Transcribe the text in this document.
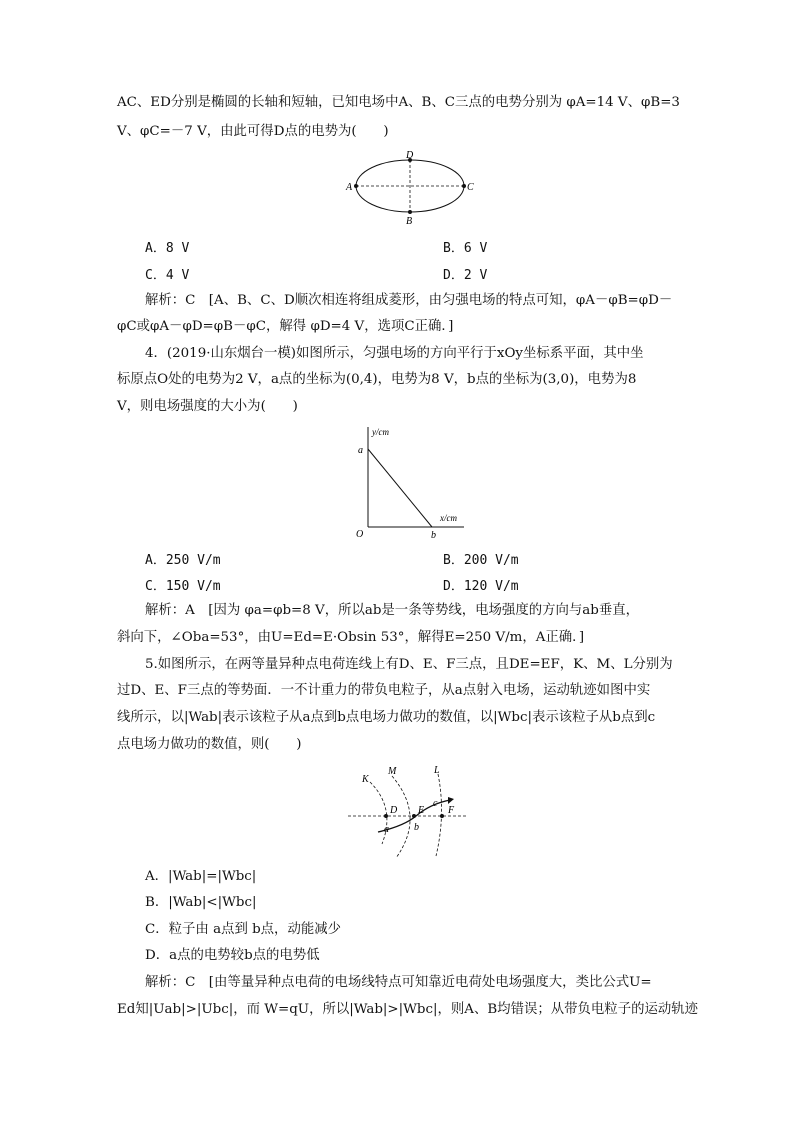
AC、ED分别是椭圆的长轴和短轴，已知电场中A、B、C三点的电势分别为 φA=14 V、φB=3
V、φC=－7 V，由此可得D点的电势为(　　)
A	C
D
B
A．8 V	B．6 V
C．4 V	D．2 V
解析：C　[A、B、C、D顺次相连将组成菱形，由匀强电场的特点可知，φA－φB=φD－
φC或φA－φD=φB－φC，解得 φD=4 V，选项C正确．]
4．(2019·山东烟台一模)如图所示，匀强电场的方向平行于xOy坐标系平面，其中坐
标原点O处的电势为2 V，a点的坐标为(0,4)，电势为8 V，b点的坐标为(3,0)，电势为8
V，则电场强度的大小为(　　)
y/cm
x/cm
a
O	b
A．250 V/m	B．200 V/m
C．150 V/m	D．120 V/m
解析：A　[因为 φa=φb=8 V，所以ab是一条等势线，电场强度的方向与ab垂直，
斜向下，∠Oba=53°，由U=Ed=E·Obsin 53°，解得E=250 V/m，A正确．]
5.如图所示，在两等量异种点电荷连线上有D、E、F三点，且DE=EF，K、M、L分别为
过D、E、F三点的等势面．一不计重力的带负电粒子，从a点射入电场，运动轨迹如图中实
线所示，以|Wab|表示该粒子从a点到b点电场力做功的数值，以|Wbc|表示该粒子从b点到c
点电场力做功的数值，则(　　)
K
M	L
D E F
a	b
c
A．|Wab|=|Wbc|
B．|Wab|<|Wbc|
C．粒子由 a点到 b点，动能减少
D．a点的电势较b点的电势低
解析：C　[由等量异种点电荷的电场线特点可知靠近电荷处电场强度大，类比公式U=
Ed知|Uab|>|Ubc|，而 W=qU，所以|Wab|>|Wbc|，则A、B均错误；从带负电粒子的运动轨迹
